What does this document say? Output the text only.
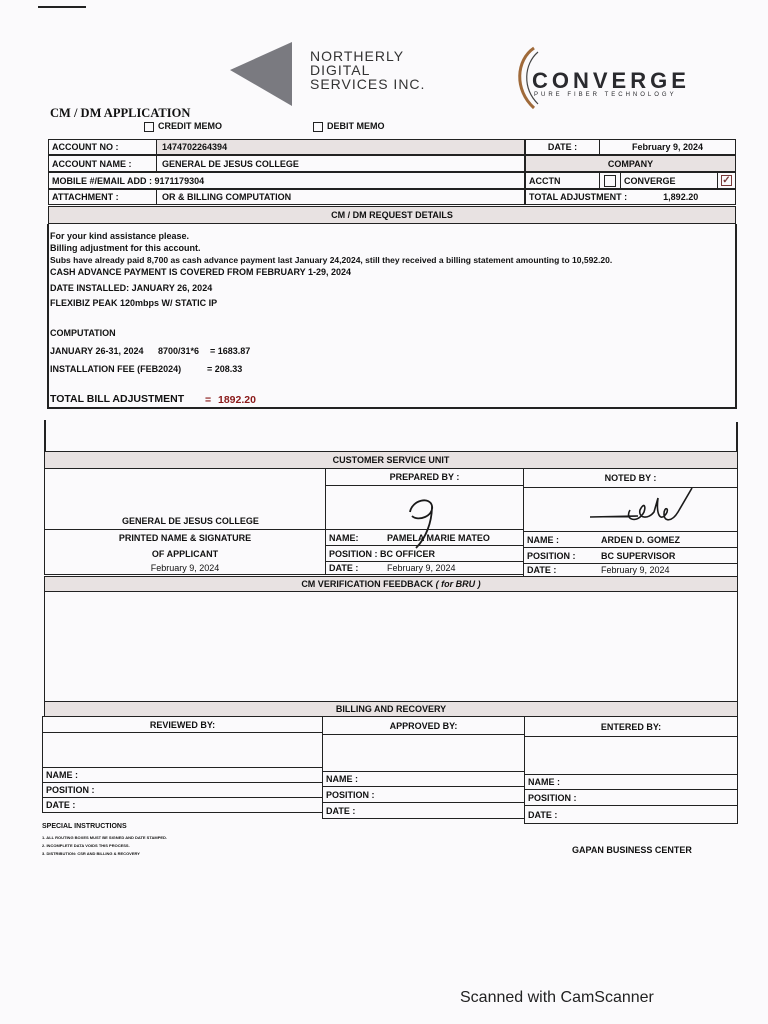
NORTHERLY
DIGITAL
SERVICES INC.	CONVERGE
PURE FIBER TECHNOLOGY
CM / DM APPLICATION
CREDIT MEMO	DEBIT MEMO
ACCOUNT NO :	1474702264394
ACCOUNT NAME :	GENERAL DE JESUS COLLEGE
MOBILE #/EMAIL ADD :
9171179304
ATTACHMENT :	OR & BILLING COMPUTATION
DATE :	February 9, 2024
COMPANY
ACCTN	CONVERGE	✓
TOTAL ADJUSTMENT :	1,892.20
CM / DM REQUEST DETAILS
For your kind assistance please.
Billing adjustment for this account.
Subs have already paid 8,700 as cash advance payment last January 24,2024, still they received a billing statement amounting to 10,592.20.
CASH ADVANCE PAYMENT IS COVERED FROM FEBRUARY 1-29, 2024
DATE INSTALLED: JANUARY 26, 2024
FLEXIBIZ PEAK 120mbps W/ STATIC IP
COMPUTATION
JANUARY 26-31, 2024 8700/31*6 = 1683.87
INSTALLATION FEE (FEB2024)	= 208.33
TOTAL BILL ADJUSTMENT = 1892.20
CUSTOMER SERVICE UNIT
PREPARED BY :	NOTED BY :
GENERAL DE JESUS COLLEGE
PRINTED NAME & SIGNATURE
OF APPLICANT
February 9, 2024
NAME:	PAMELA MARIE MATEO
POSITION :
BC OFFICER
DATE :	February 9, 2024
NAME :	ARDEN D. GOMEZ
POSITION :	BC SUPERVISOR
DATE :	February 9, 2024
CM VERIFICATION FEEDBACK
( for BRU )
BILLING AND RECOVERY
REVIEWED BY:	APPROVED BY:	ENTERED BY:
NAME :
POSITION :
DATE :
NAME :
POSITION :
DATE :
NAME :
POSITION :
DATE :
SPECIAL INSTRUCTIONS
1. ALL ROUTING BOXES MUST BE SIGNED AND DATE STAMPED.
2. INCOMPLETE DATA VOIDS THIS PROCESS.
3. DISTRIBUTION: CSR AND BILLING & RECOVERY	GAPAN BUSINESS CENTER
Scanned with CamScanner
